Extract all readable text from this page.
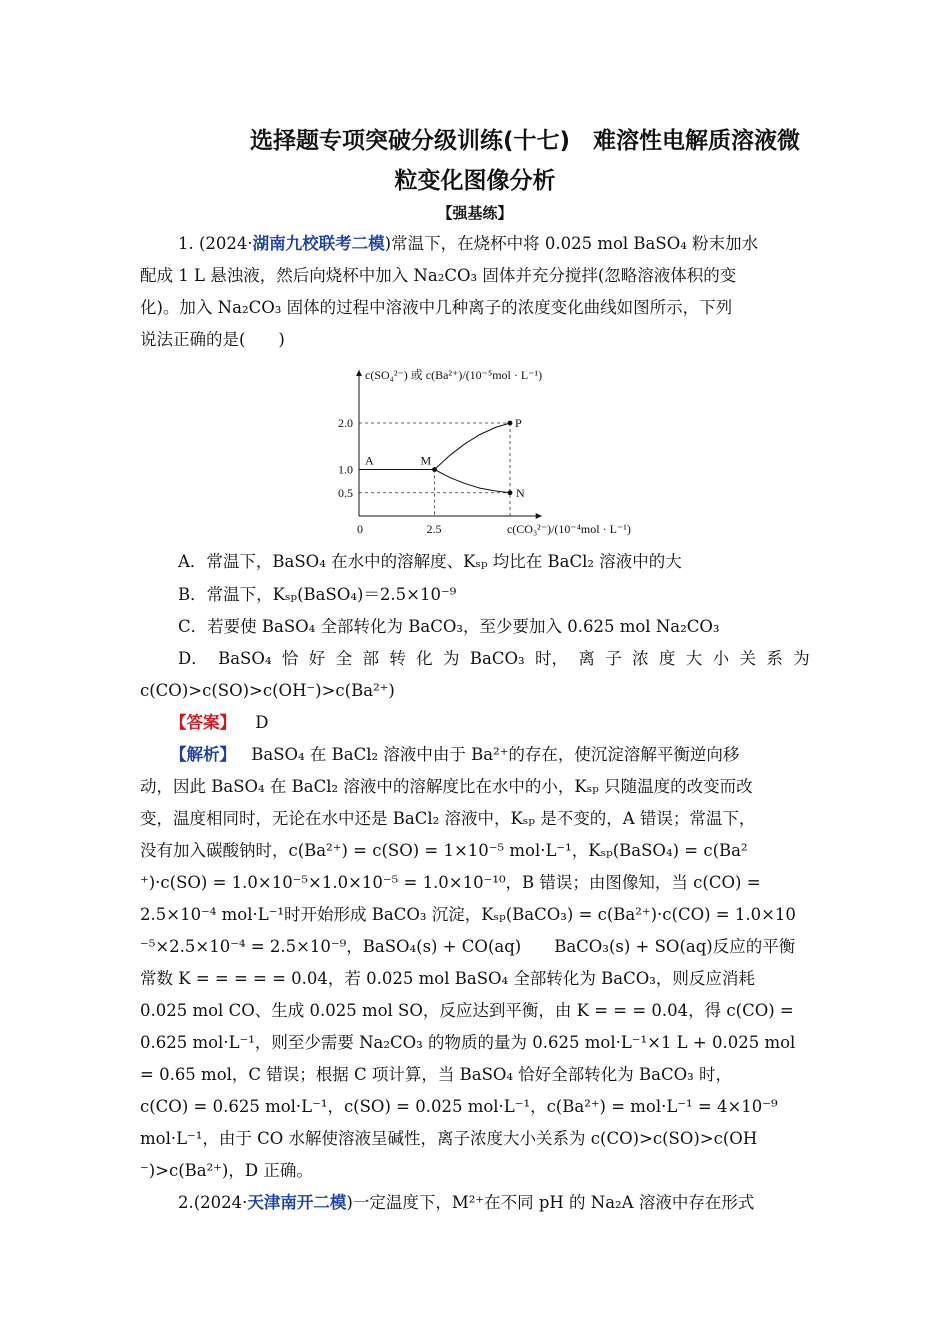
选择题专项突破分级训练(十七)　难溶性电解质溶液微
粒变化图像分析
【强基练】
1. (2024·湖南九校联考二模)常温下，在烧杯中将 0.025 mol BaSO₄ 粉末加水
配成 1 L 悬浊液，然后向烧杯中加入 Na₂CO₃ 固体并充分搅拌(忽略溶液体积的变
化)。加入 Na₂CO₃ 固体的过程中溶液中几种离子的浓度变化曲线如图所示，下列
说法正确的是(　　)
c(SO₄²⁻) 或 c(Ba²⁺)/(10⁻⁵mol · L⁻¹)
c(CO₃²⁻)/(10⁻⁴mol · L⁻¹)
0	2.5
2.0
1.0
0.5
A	M
P
N
A．常温下，BaSO₄ 在水中的溶解度、Kₛₚ 均比在 BaCl₂ 溶液中的大
B．常温下，Kₛₚ(BaSO₄)＝2.5×10⁻⁹
C．若要使 BaSO₄ 全部转化为 BaCO₃，至少要加入 0.625 mol Na₂CO₃
D． BaSO₄ 恰 好 全 部 转 化 为 BaCO₃ 时， 离 子 浓 度 大 小 关 系 为
c(CO)>c(SO)>c(OH⁻)>c(Ba²⁺)
【答案】 D
【解析】 BaSO₄ 在 BaCl₂ 溶液中由于 Ba²⁺的存在，使沉淀溶解平衡逆向移
动，因此 BaSO₄ 在 BaCl₂ 溶液中的溶解度比在水中的小，Kₛₚ 只随温度的改变而改
变，温度相同时，无论在水中还是 BaCl₂ 溶液中，Kₛₚ 是不变的，A 错误；常温下，
没有加入碳酸钠时，c(Ba²⁺) = c(SO) = 1×10⁻⁵ mol·L⁻¹，Kₛₚ(BaSO₄) = c(Ba²
⁺)·c(SO) = 1.0×10⁻⁵×1.0×10⁻⁵ = 1.0×10⁻¹⁰，B 错误；由图像知，当 c(CO) =
2.5×10⁻⁴ mol·L⁻¹时开始形成 BaCO₃ 沉淀，Kₛₚ(BaCO₃) = c(Ba²⁺)·c(CO) = 1.0×10
⁻⁵×2.5×10⁻⁴ = 2.5×10⁻⁹，BaSO₄(s) + CO(aq)　　BaCO₃(s) + SO(aq)反应的平衡
常数 K = = = = = 0.04，若 0.025 mol BaSO₄ 全部转化为 BaCO₃，则反应消耗
0.025 mol CO、生成 0.025 mol SO，反应达到平衡，由 K = = = 0.04，得 c(CO) =
0.625 mol·L⁻¹，则至少需要 Na₂CO₃ 的物质的量为 0.625 mol·L⁻¹×1 L + 0.025 mol
= 0.65 mol，C 错误；根据 C 项计算，当 BaSO₄ 恰好全部转化为 BaCO₃ 时，
c(CO) = 0.625 mol·L⁻¹，c(SO) = 0.025 mol·L⁻¹，c(Ba²⁺) = mol·L⁻¹ = 4×10⁻⁹
mol·L⁻¹，由于 CO 水解使溶液呈碱性，离子浓度大小关系为 c(CO)>c(SO)>c(OH
⁻)>c(Ba²⁺)，D 正确。
2.(2024·天津南开二模)一定温度下，M²⁺在不同 pH 的 Na₂A 溶液中存在形式
